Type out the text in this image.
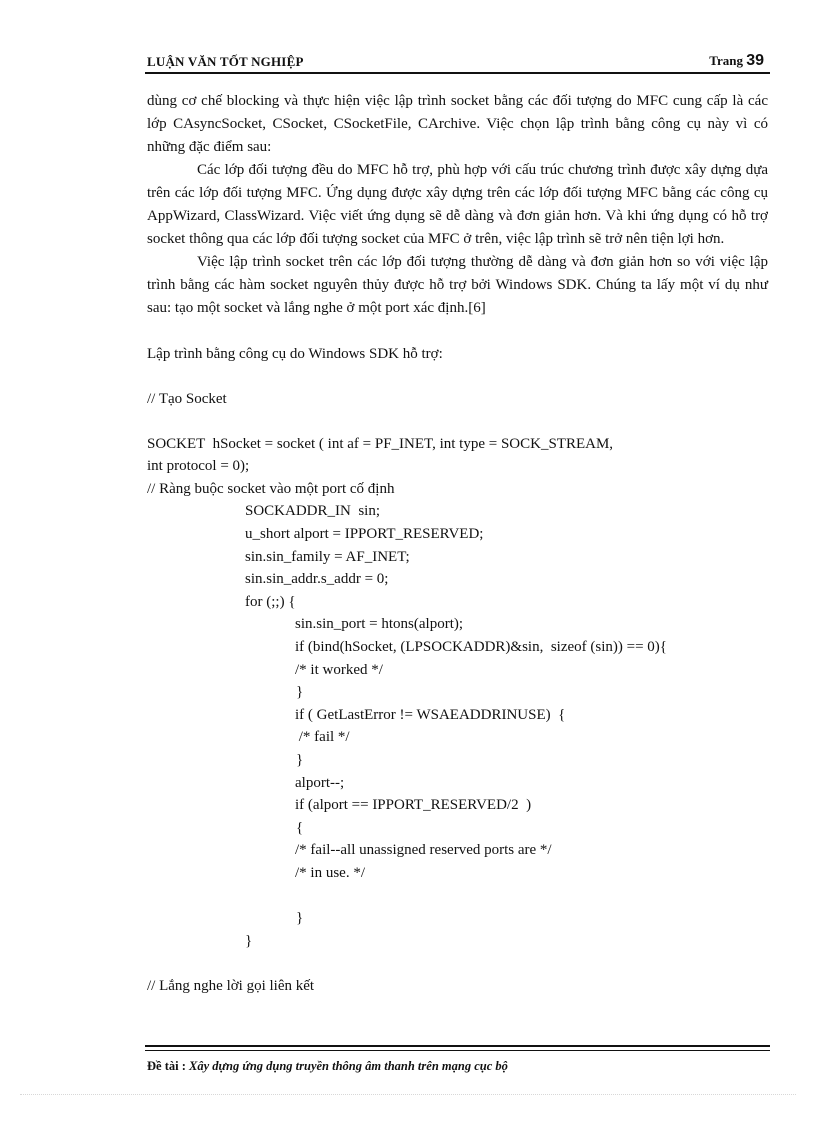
LUẬN VĂN TỐT NGHIỆP	Trang 39

dùng cơ chế blocking và thực hiện việc lập trình socket bằng các đối tượng do MFC cung cấp là các lớp CAsyncSocket, CSocket, CSocketFile, CArchive. Việc chọn lập trình bằng công cụ này vì có những đặc điểm sau:

Các lớp đối tượng đều do MFC hỗ trợ, phù hợp với cấu trúc chương trình được xây dựng dựa trên các lớp đối tượng MFC. Ứng dụng được xây dựng trên các lớp đối tượng MFC bằng các công cụ AppWizard, ClassWizard. Việc viết ứng dụng sẽ dễ dàng và đơn giản hơn. Và khi ứng dụng có hỗ trợ socket thông qua các lớp đối tượng socket của MFC ở trên, việc lập trình sẽ trở nên tiện lợi hơn.

Việc lập trình socket trên các lớp đối tượng thường dễ dàng và đơn giản hơn so với việc lập trình bằng các hàm socket nguyên thủy được hỗ trợ bởi Windows SDK. Chúng ta lấy một ví dụ như sau: tạo một socket và lắng nghe ở một port xác định.[6]

Lập trình bằng công cụ do Windows SDK hỗ trợ:

// Tạo Socket

SOCKET  hSocket = socket ( int af = PF_INET, int type = SOCK_STREAM,

int protocol = 0);

// Ràng buộc socket vào một port cố định

SOCKADDR_IN  sin;

u_short alport = IPPORT_RESERVED;

sin.sin_family = AF_INET;

sin.sin_addr.s_addr = 0;

for (;;) {

sin.sin_port = htons(alport);

if (bind(hSocket, (LPSOCKADDR)&sin,  sizeof (sin)) == 0){

/* it worked */

}

if ( GetLastError != WSAEADDRINUSE)  {

/* fail */

}

alport--;

if (alport == IPPORT_RESERVED/2  )

{

/* fail--all unassigned reserved ports are */

/* in use. */

}

}

// Lắng nghe lời gọi liên kết

Đề tài : Xây dựng ứng dụng truyền thông âm thanh trên mạng cục bộ
